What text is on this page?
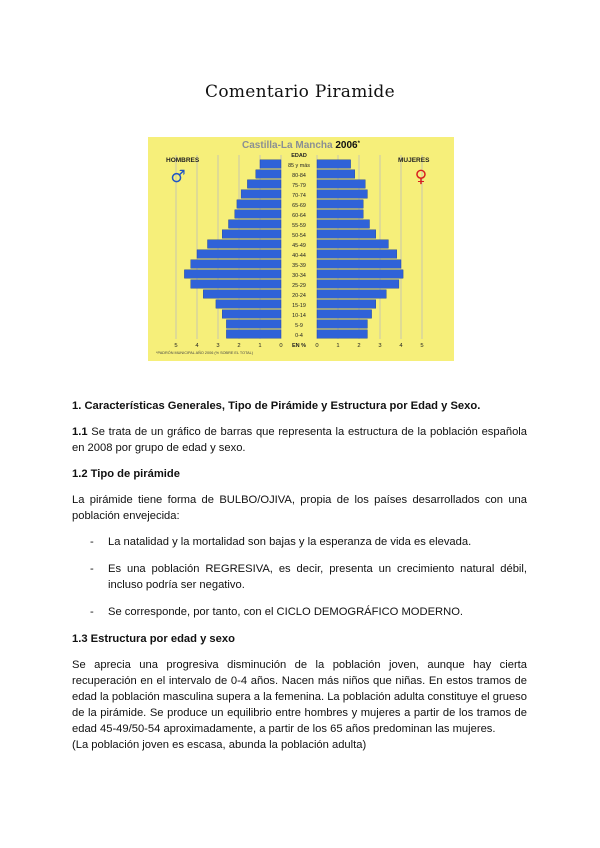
Comentario Piramide
Castilla-La Mancha 2006*
EDAD
HOMBRES	MUJERES
♂	♀
85 y más
80-84
75-79
70-74
65-69
60-64
55-59
50-54
45-49
40-44
35-39
30-34
25-29
20-24
15-19
10-14
5-9
0-4
0	0
1	1
2	2
3	3
4	4
5	5
EN %
*PADRÓN MUNICIPAL AÑO 2006 (% SOBRE EL TOTAL)

1. Características Generales, Tipo de Pirámide y Estructura por Edad y Sexo.

1.1 Se trata de un gráfico de barras que representa la estructura de la población española en 2008 por grupo de edad y sexo.

1.2 Tipo de pirámide

La pirámide tiene forma de BULBO/OJIVA, propia de los países desarrollados con una población envejecida:

- La natalidad y la mortalidad son bajas y la esperanza de vida es elevada.
- Es una población REGRESIVA, es decir, presenta un crecimiento natural débil, incluso podría ser negativo.
- Se corresponde, por tanto, con el CICLO DEMOGRÁFICO MODERNO.

1.3 Estructura por edad y sexo

Se aprecia una progresiva disminución de la población joven, aunque hay cierta recuperación en el intervalo de 0-4 años. Nacen más niños que niñas. En estos tramos de edad la población masculina supera a la femenina. La población adulta constituye el grueso de la pirámide. Se produce un equilibrio entre hombres y mujeres a partir de los tramos de edad 45-49/50-54 aproximadamente, a partir de los 65 años predominan las mujeres.

(La población joven es escasa, abunda la población adulta)
